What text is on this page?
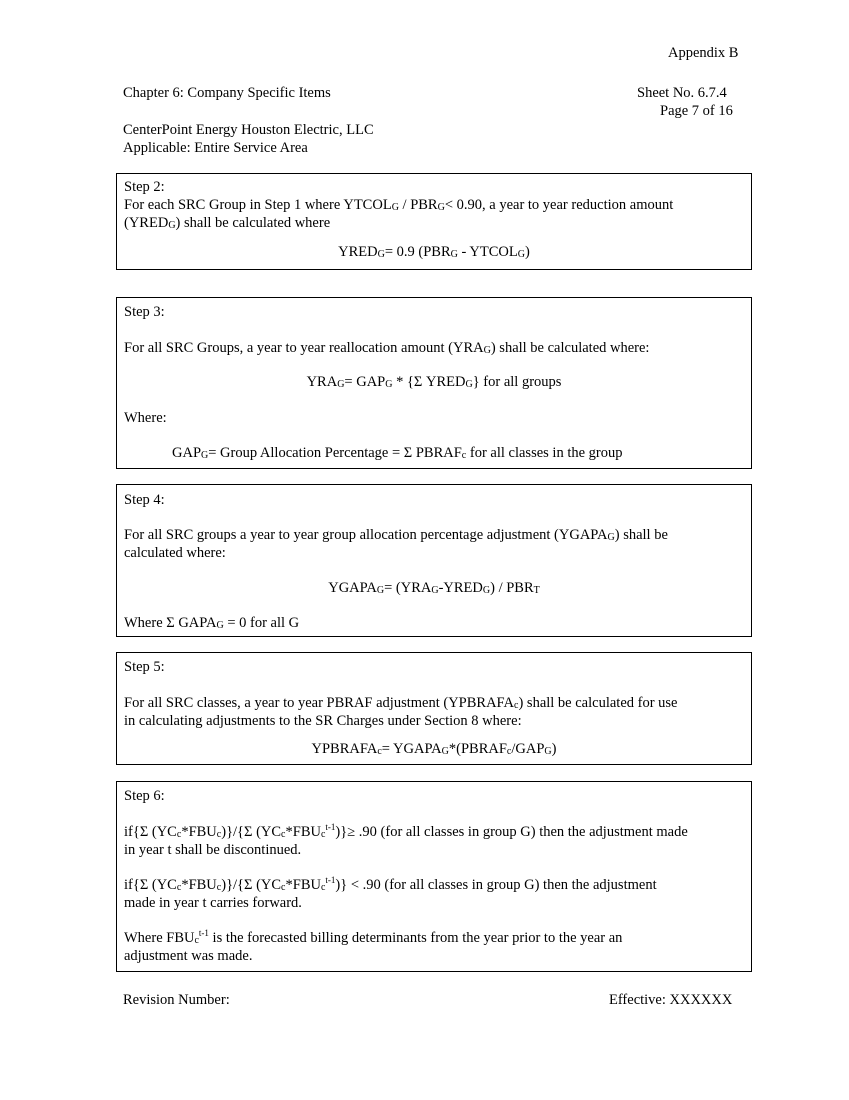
Appendix B
Chapter 6: Company Specific Items	Sheet No. 6.7.4
Page 7 of 16
CenterPoint Energy Houston Electric, LLC
Applicable: Entire Service Area

Step 2:

For each SRC Group in Step 1 where $YTCOL_G / PBR_G< 0.90$, a year to year reduction amount

$(YRED_G)$ shall be calculated where

$YRED_G= 0.9$ ($PBR_G$ - $YTCOL_G$)

Step 3:

For all SRC Groups, a year to year reallocation amount $(YRA_G)$ shall be calculated where:

$YRA_G= GAP_G * \{\Sigma$ $YRED_G$} for all groups

Where:

$GAP_G=$ Group Allocation Percentage = Σ $PBRAF_c$ for all classes in the group

Step 4:

For all SRC groups a year to year group allocation percentage adjustment $(YGAPA_G)$ shall be

calculated where:

$YGAPA_G=$ $(YRA_G-YRED_G) / PBR_T$

Where Σ $GAPA_G = 0$ for all G

Step 5:

For all SRC classes, a year to year PBRAF adjustment $(YPBRAFA_c)$ shall be calculated for use

in calculating adjustments to the SR Charges under Section 8 where:

$YPBRAFA_c=$ $YGAPA_G*(PBRAF_c/GAP_G)$

Step 6:

if{Σ $(YC_c*FBU_c)\}/\{\Sigma$ $(YC_c*FBU_c^{t-1})\}\ge .90$ (for all classes in group G) then the adjustment made

in year t shall be discontinued.

if{Σ $(YC_c*FBU_c)\}/\{\Sigma$ $(YC_c*FBU_c^{t-1})\} < .90$ (for all classes in group G) then the adjustment

made in year t carries forward.

Where $FBU_c^{t-1}$ is the forecasted billing determinants from the year prior to the year an

adjustment was made.

Revision Number:	Effective: XXXXXX
